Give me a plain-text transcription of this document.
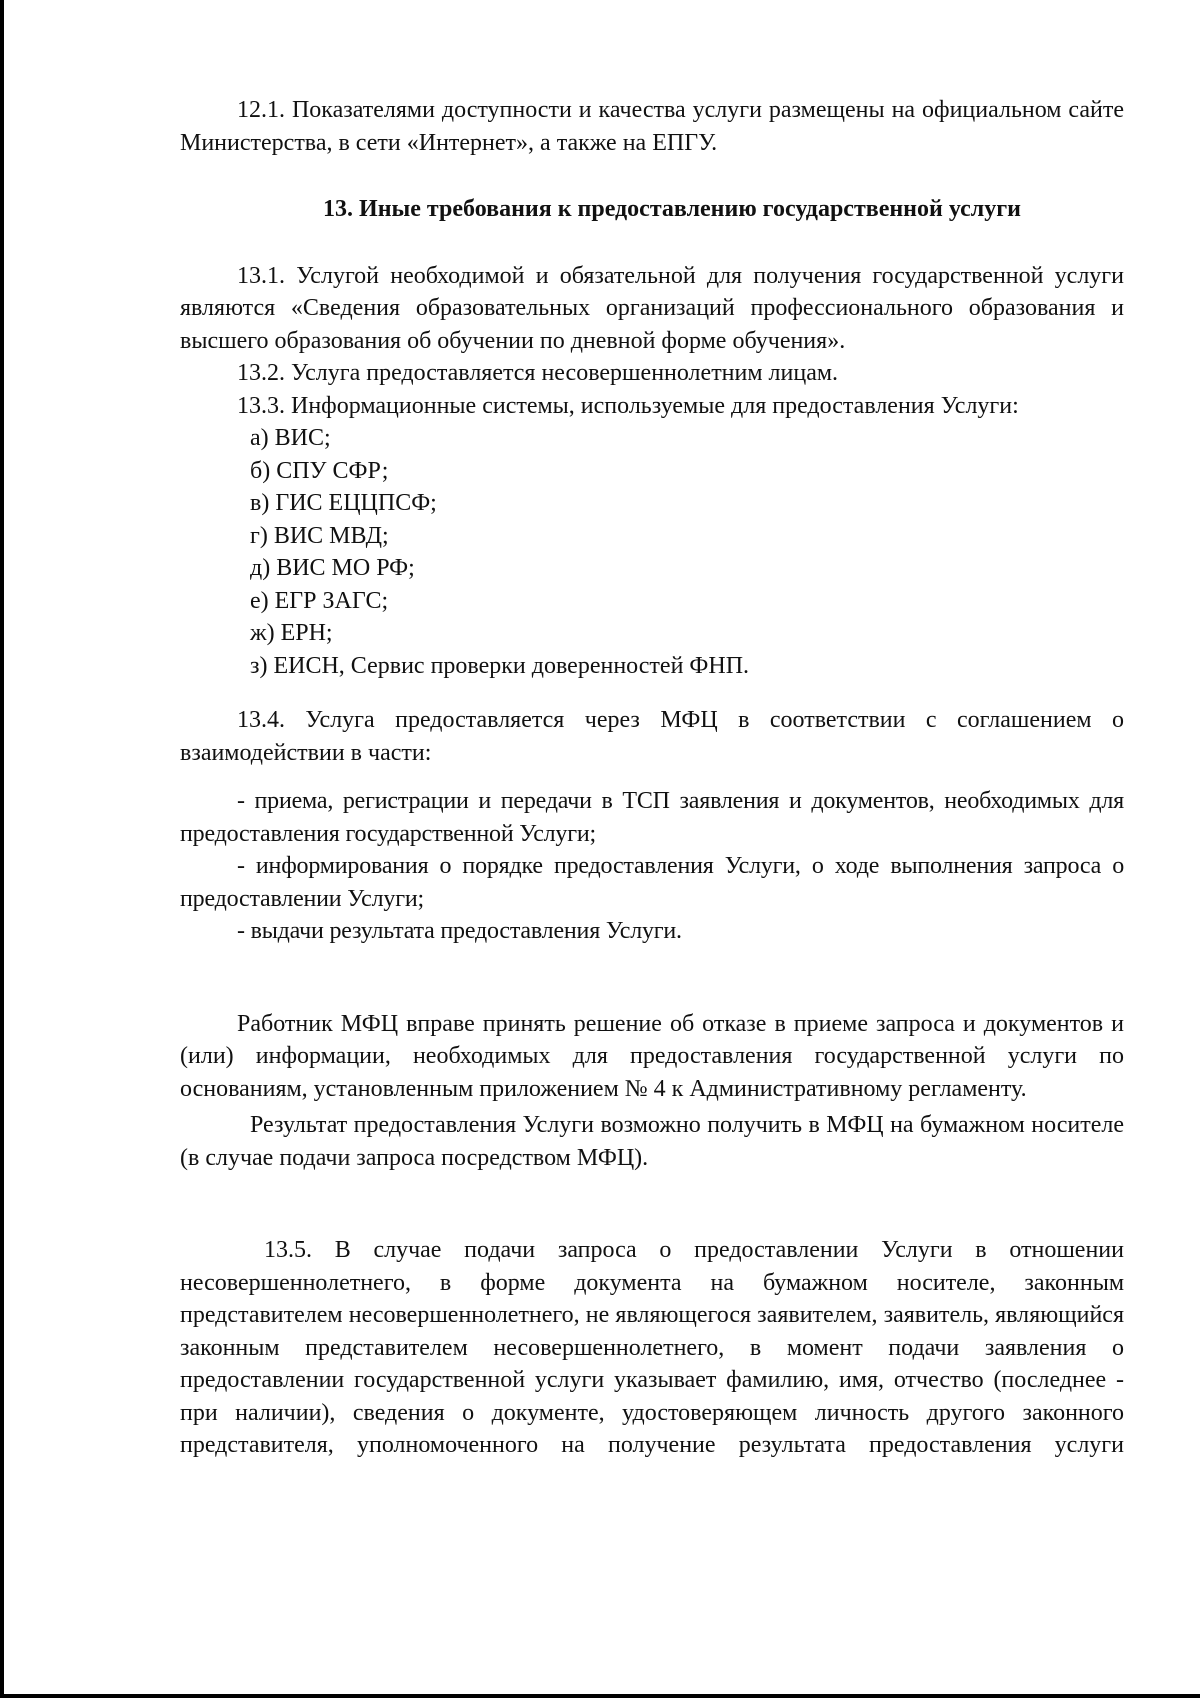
12.1. Показателями доступности и качества услуги размещены на официальном сайте Министерства, в сети «Интернет», а также на ЕПГУ.

13. Иные требования к предоставлению государственной услуги

13.1. Услугой необходимой и обязательной для получения государственной услуги являются «Сведения образовательных организаций профессионального образования и высшего образования об обучении по дневной форме обучения».

13.2. Услуга предоставляется несовершеннолетним лицам.

13.3. Информационные системы, используемые для предоставления Услуги:

а) ВИС;
б) СПУ СФР;
в) ГИС ЕЦЦПСФ;
г) ВИС МВД;
д) ВИС МО РФ;
е) ЕГР ЗАГС;
ж) ЕРН;
з) ЕИСН, Сервис проверки доверенностей ФНП.

13.4. Услуга предоставляется через МФЦ в соответствии с соглашением о взаимодействии в части:

- приема, регистрации и передачи в ТСП заявления и документов, необходимых для предоставления государственной Услуги;

- информирования о порядке предоставления Услуги, о ходе выполнения запроса о предоставлении Услуги;

- выдачи результата предоставления Услуги.

Работник МФЦ вправе принять решение об отказе в приеме запроса и документов и (или) информации, необходимых для предоставления государственной услуги по основаниям, установленным приложением № 4 к Административному регламенту.

Результат предоставления Услуги возможно получить в МФЦ на бумажном носителе (в случае подачи запроса посредством МФЦ).

13.5. В случае подачи запроса о предоставлении Услуги в отношении несовершеннолетнего, в форме документа на бумажном носителе, законным представителем несовершеннолетнего, не являющегося заявителем, заявитель, являющийся законным представителем несовершеннолетнего, в момент подачи заявления о предоставлении государственной услуги указывает фамилию, имя, отчество (последнее - при наличии), сведения о документе, удостоверяющем личность другого законного представителя, уполномоченного на получение результата предоставления услуги
